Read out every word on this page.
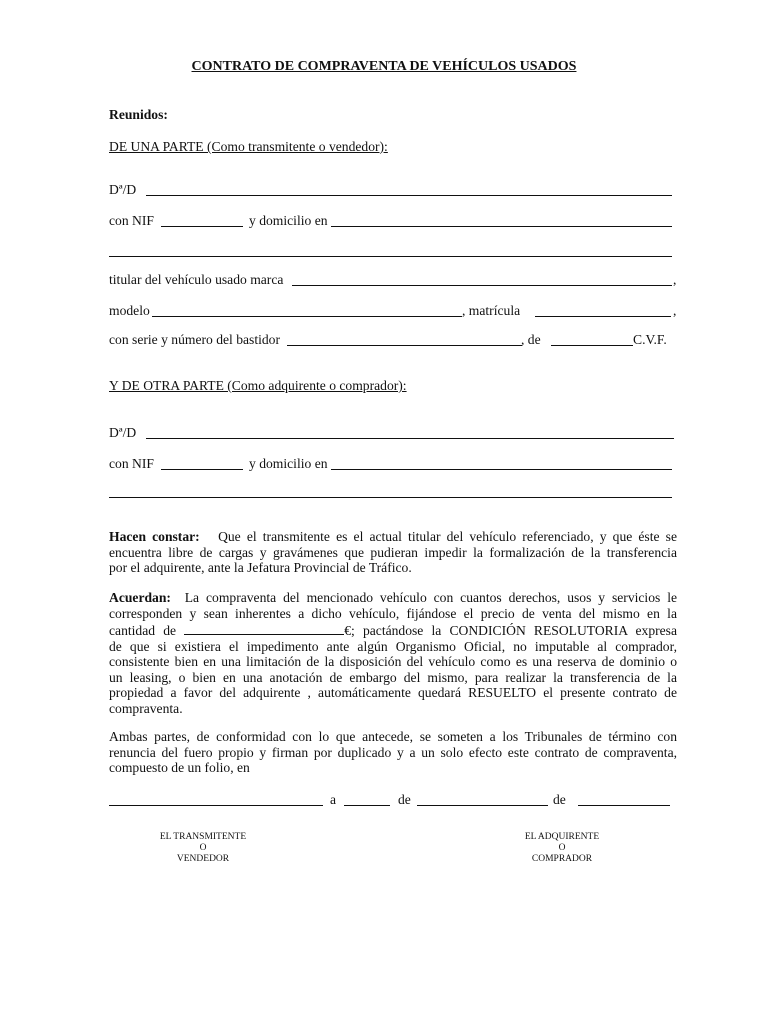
CONTRATO DE COMPRAVENTA DE VEHÍCULOS USADOS
Reunidos:
DE UNA PARTE (Como transmitente o vendedor):
Dª/D
con NIF	y domicilio en
titular del vehículo usado marca	,
modelo	, matrícula	,
con serie y número del bastidor	, de	C.V.F.
Y DE OTRA PARTE (Como adquirente o comprador):
Dª/D
con NIF	y domicilio en
Hacen constar: Que el transmitente es el actual titular del vehículo referenciado, y que éste se
encuentra libre de cargas y gravámenes que pudieran impedir la formalización de la transferencia
por el adquirente, ante la Jefatura Provincial de Tráfico.
Acuerdan: La compraventa del mencionado vehículo con cuantos derechos, usos y servicios le
corresponden y sean inherentes a dicho vehículo, fijándose el precio de venta del mismo en la
cantidad de	€; pactándose la CONDICIÓN RESOLUTORIA expresa
de que si existiera el impedimento ante algún Organismo Oficial, no imputable al comprador,
consistente bien en una limitación de la disposición del vehículo como es una reserva de dominio o
un leasing, o bien en una anotación de embargo del mismo, para realizar la transferencia de la
propiedad a favor del adquirente , automáticamente quedará RESUELTO el presente contrato de
compraventa.
Ambas partes, de conformidad con lo que antecede, se someten a los Tribunales de término con
renuncia del fuero propio y firman por duplicado y a un solo efecto este contrato de compraventa,
compuesto de un folio, en
a	de	de
EL TRANSMITENTE
O
VENDEDOR
EL ADQUIRENTE
O
COMPRADOR
